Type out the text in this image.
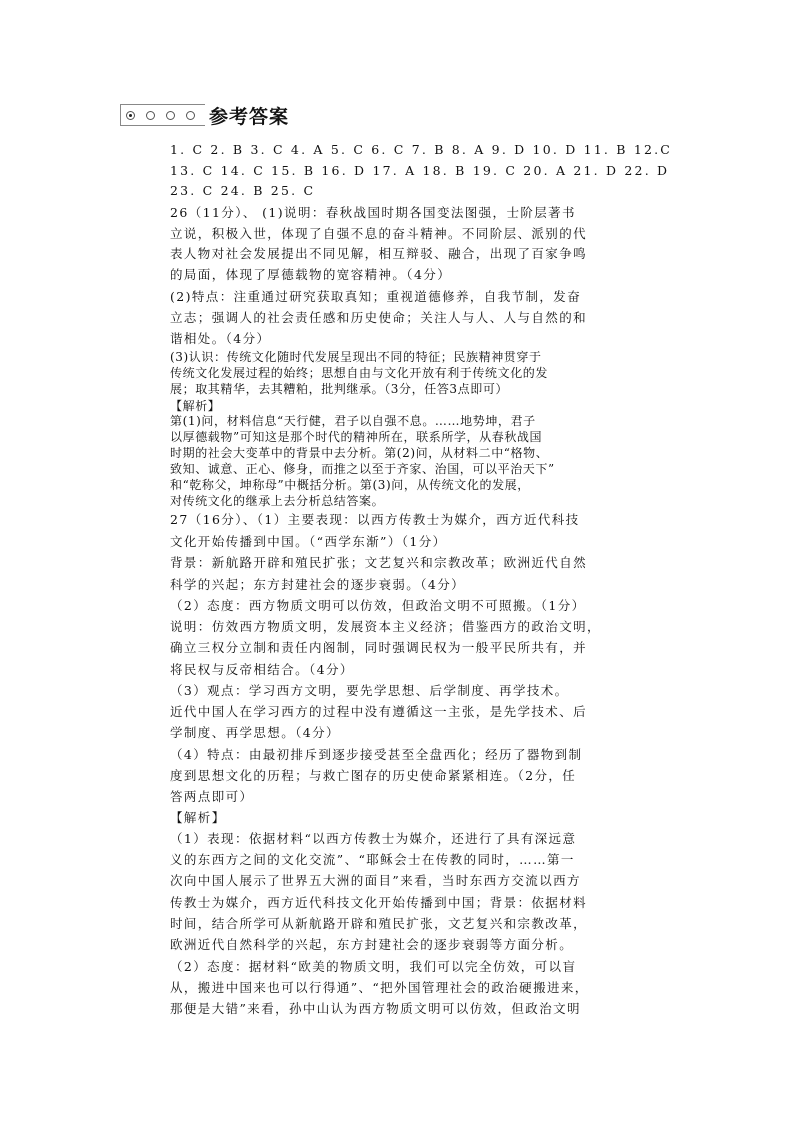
参考答案
1. C 2. B 3. C 4. A 5. C 6. C 7. B 8. A 9. D 10. D 11. B 12.C
13. C 14. C 15. B 16. D 17. A 18. B 19. C 20. A 21. D 22. D
23. C 24. B 25. C
26（11分）、 (1)说明：春秋战国时期各国变法图强，士阶层著书
立说，积极入世，体现了自强不息的奋斗精神。不同阶层、派别的代
表人物对社会发展提出不同见解，相互辩驳、融合，出现了百家争鸣
的局面，体现了厚德载物的宽容精神。（4分）
(2)特点：注重通过研究获取真知；重视道德修养，自我节制，发奋
立志；强调人的社会责任感和历史使命；关注人与人、人与自然的和
谐相处。（4分）
(3)认识：传统文化随时代发展呈现出不同的特征；民族精神贯穿于
传统文化发展过程的始终；思想自由与文化开放有利于传统文化的发
展；取其精华，去其糟粕，批判继承。（3分，任答3点即可）
【解析】
第(1)问，材料信息“天行健，君子以自强不息。……地势坤，君子
以厚德载物”可知这是那个时代的精神所在，联系所学，从春秋战国
时期的社会大变革中的背景中去分析。第(2)问，从材料二中“格物、
致知、诚意、正心、修身，而推之以至于齐家、治国，可以平治天下”
和“乾称父，坤称母”中概括分析。第(3)问，从传统文化的发展，
对传统文化的继承上去分析总结答案。
27（16分）、（1）主要表现：以西方传教士为媒介，西方近代科技
文化开始传播到中国。（“西学东渐”）（1分）
背景：新航路开辟和殖民扩张；文艺复兴和宗教改革；欧洲近代自然
科学的兴起；东方封建社会的逐步衰弱。（4分）
（2）态度：西方物质文明可以仿效，但政治文明不可照搬。（1分）
说明：仿效西方物质文明，发展资本主义经济；借鉴西方的政治文明，
确立三权分立制和责任内阁制，同时强调民权为一般平民所共有，并
将民权与反帝相结合。（4分）
（3）观点：学习西方文明，要先学思想、后学制度、再学技术。
近代中国人在学习西方的过程中没有遵循这一主张，是先学技术、后
学制度、再学思想。（4分）
（4）特点：由最初排斥到逐步接受甚至全盘西化；经历了器物到制
度到思想文化的历程；与救亡图存的历史使命紧紧相连。（2分，任
答两点即可）
【解析】
（1）表现：依据材料“以西方传教士为媒介，还进行了具有深远意
义的东西方之间的文化交流”、“耶稣会士在传教的同时，……第一
次向中国人展示了世界五大洲的面目”来看，当时东西方交流以西方
传教士为媒介，西方近代科技文化开始传播到中国；背景：依据材料
时间，结合所学可从新航路开辟和殖民扩张，文艺复兴和宗教改革，
欧洲近代自然科学的兴起，东方封建社会的逐步衰弱等方面分析。
（2）态度：据材料“欧美的物质文明，我们可以完全仿效，可以盲
从，搬进中国来也可以行得通”、“把外国管理社会的政治硬搬进来，
那便是大错”来看，孙中山认为西方物质文明可以仿效，但政治文明
